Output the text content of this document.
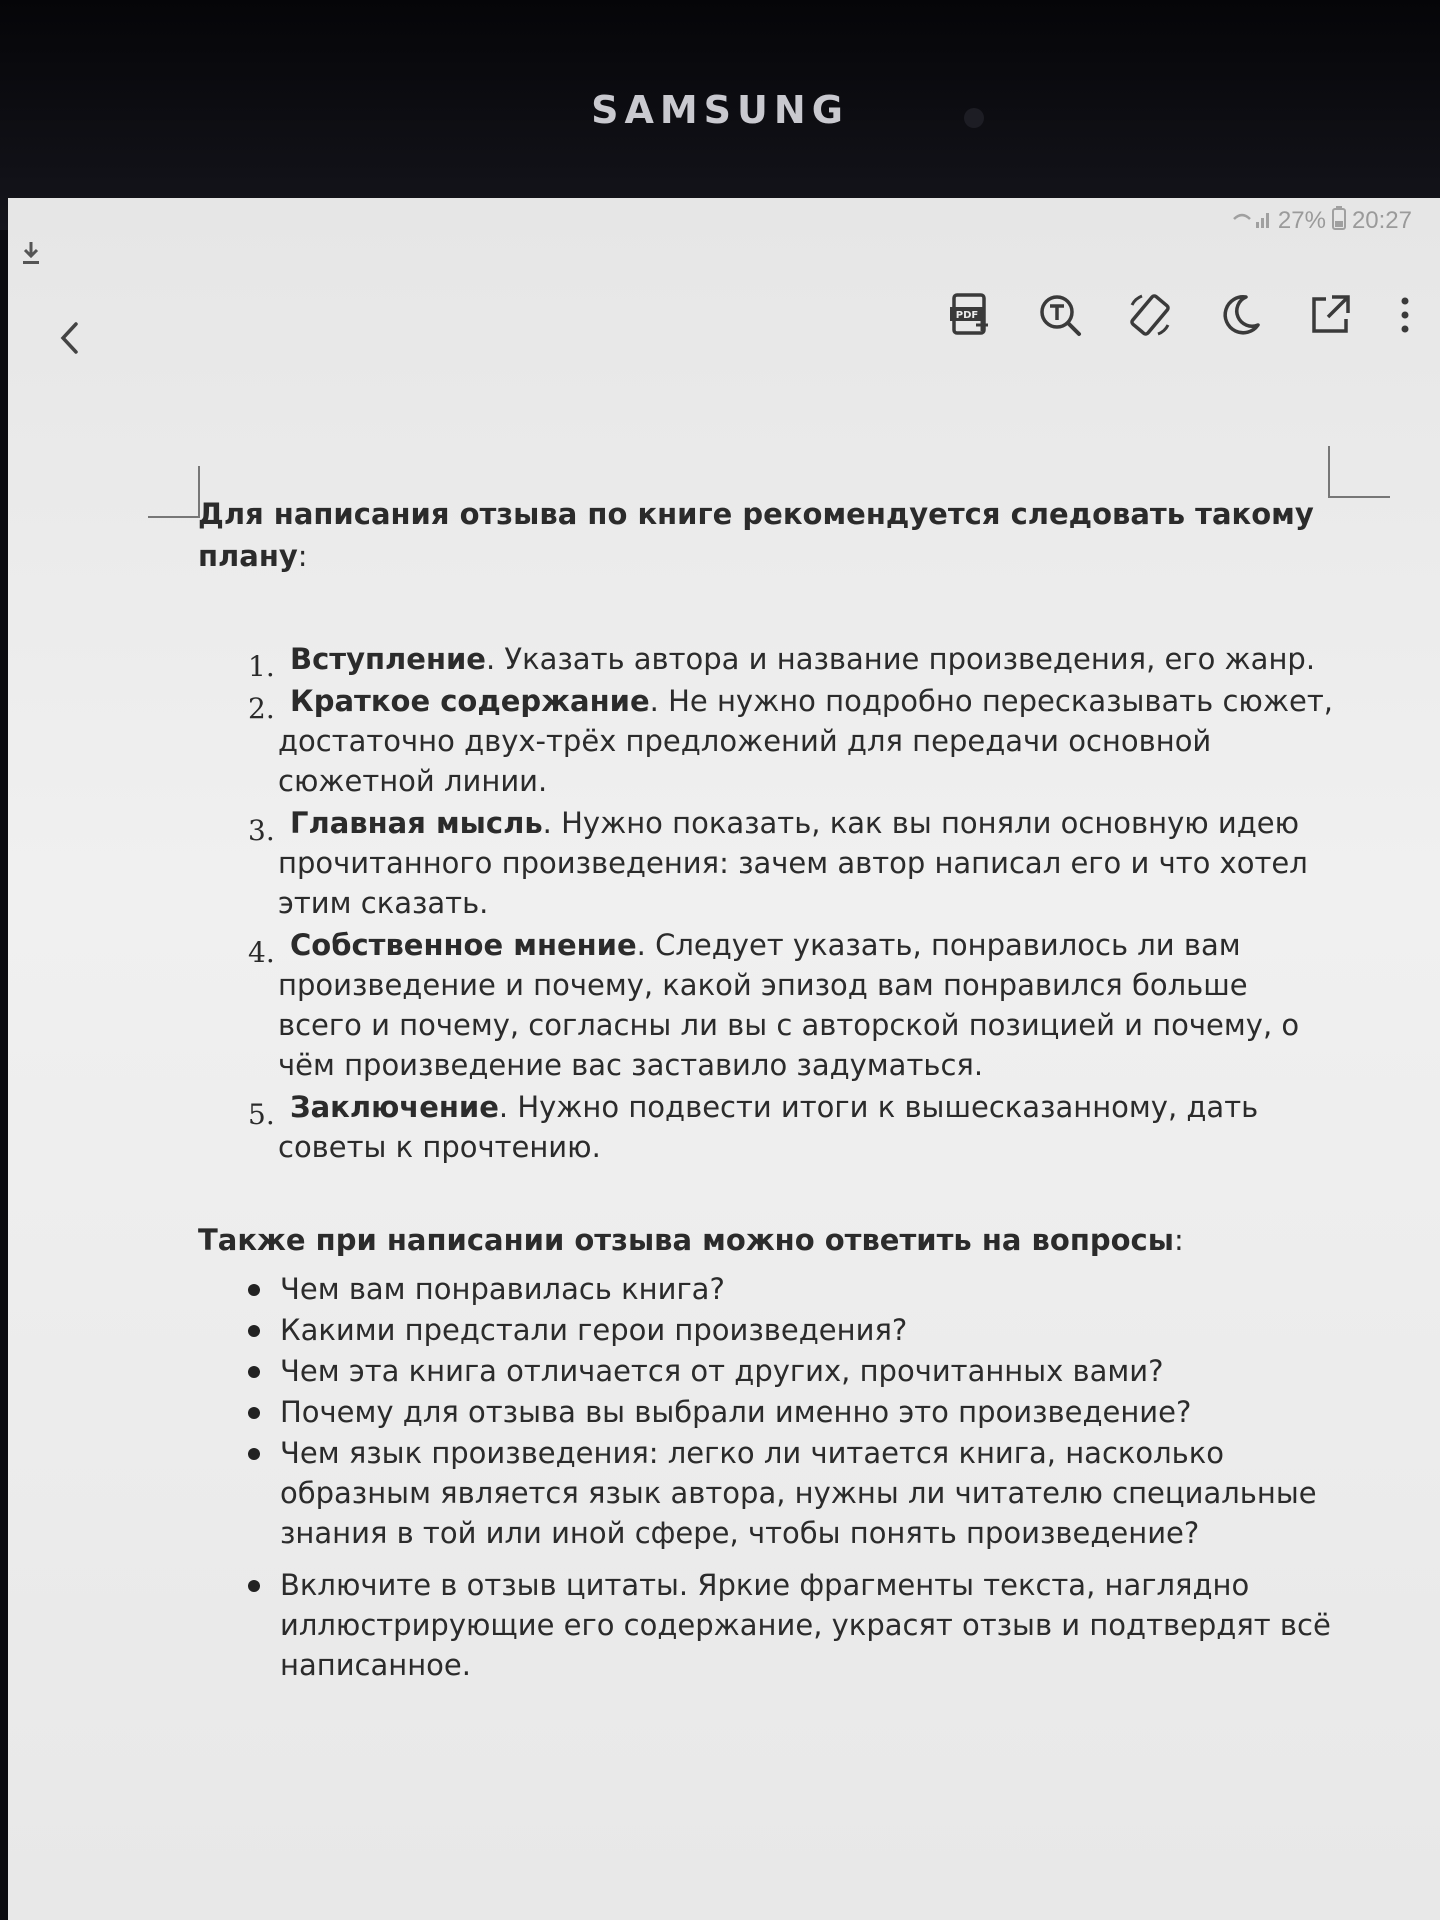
SAMSUNG
27% 20:27
PDF

Для написания отзыва по книге рекомендуется следовать такому плану:

1. Вступление. Указать автора и название произведения, его жанр.
2. Краткое содержание. Не нужно подробно пересказывать сюжет, достаточно двух-трёх предложений для передачи основной сюжетной линии.
3. Главная мысль. Нужно показать, как вы поняли основную идею прочитанного произведения: зачем автор написал его и что хотел этим сказать.
4. Собственное мнение. Следует указать, понравилось ли вам произведение и почему, какой эпизод вам понравился больше всего и почему, согласны ли вы с авторской позицией и почему, о чём произведение вас заставило задуматься.
5. Заключение. Нужно подвести итоги к вышесказанному, дать советы к прочтению.

Также при написании отзыва можно ответить на вопросы:

Чем вам понравилась книга?
Какими предстали герои произведения?
Чем эта книга отличается от других, прочитанных вами?
Почему для отзыва вы выбрали именно это произведение?
Чем язык произведения: легко ли читается книга, насколько образным является язык автора, нужны ли читателю специальные знания в той или иной сфере, чтобы понять произведение?
Включите в отзыв цитаты. Яркие фрагменты текста, наглядно иллюстрирующие его содержание, украсят отзыв и подтвердят всё написанное.
